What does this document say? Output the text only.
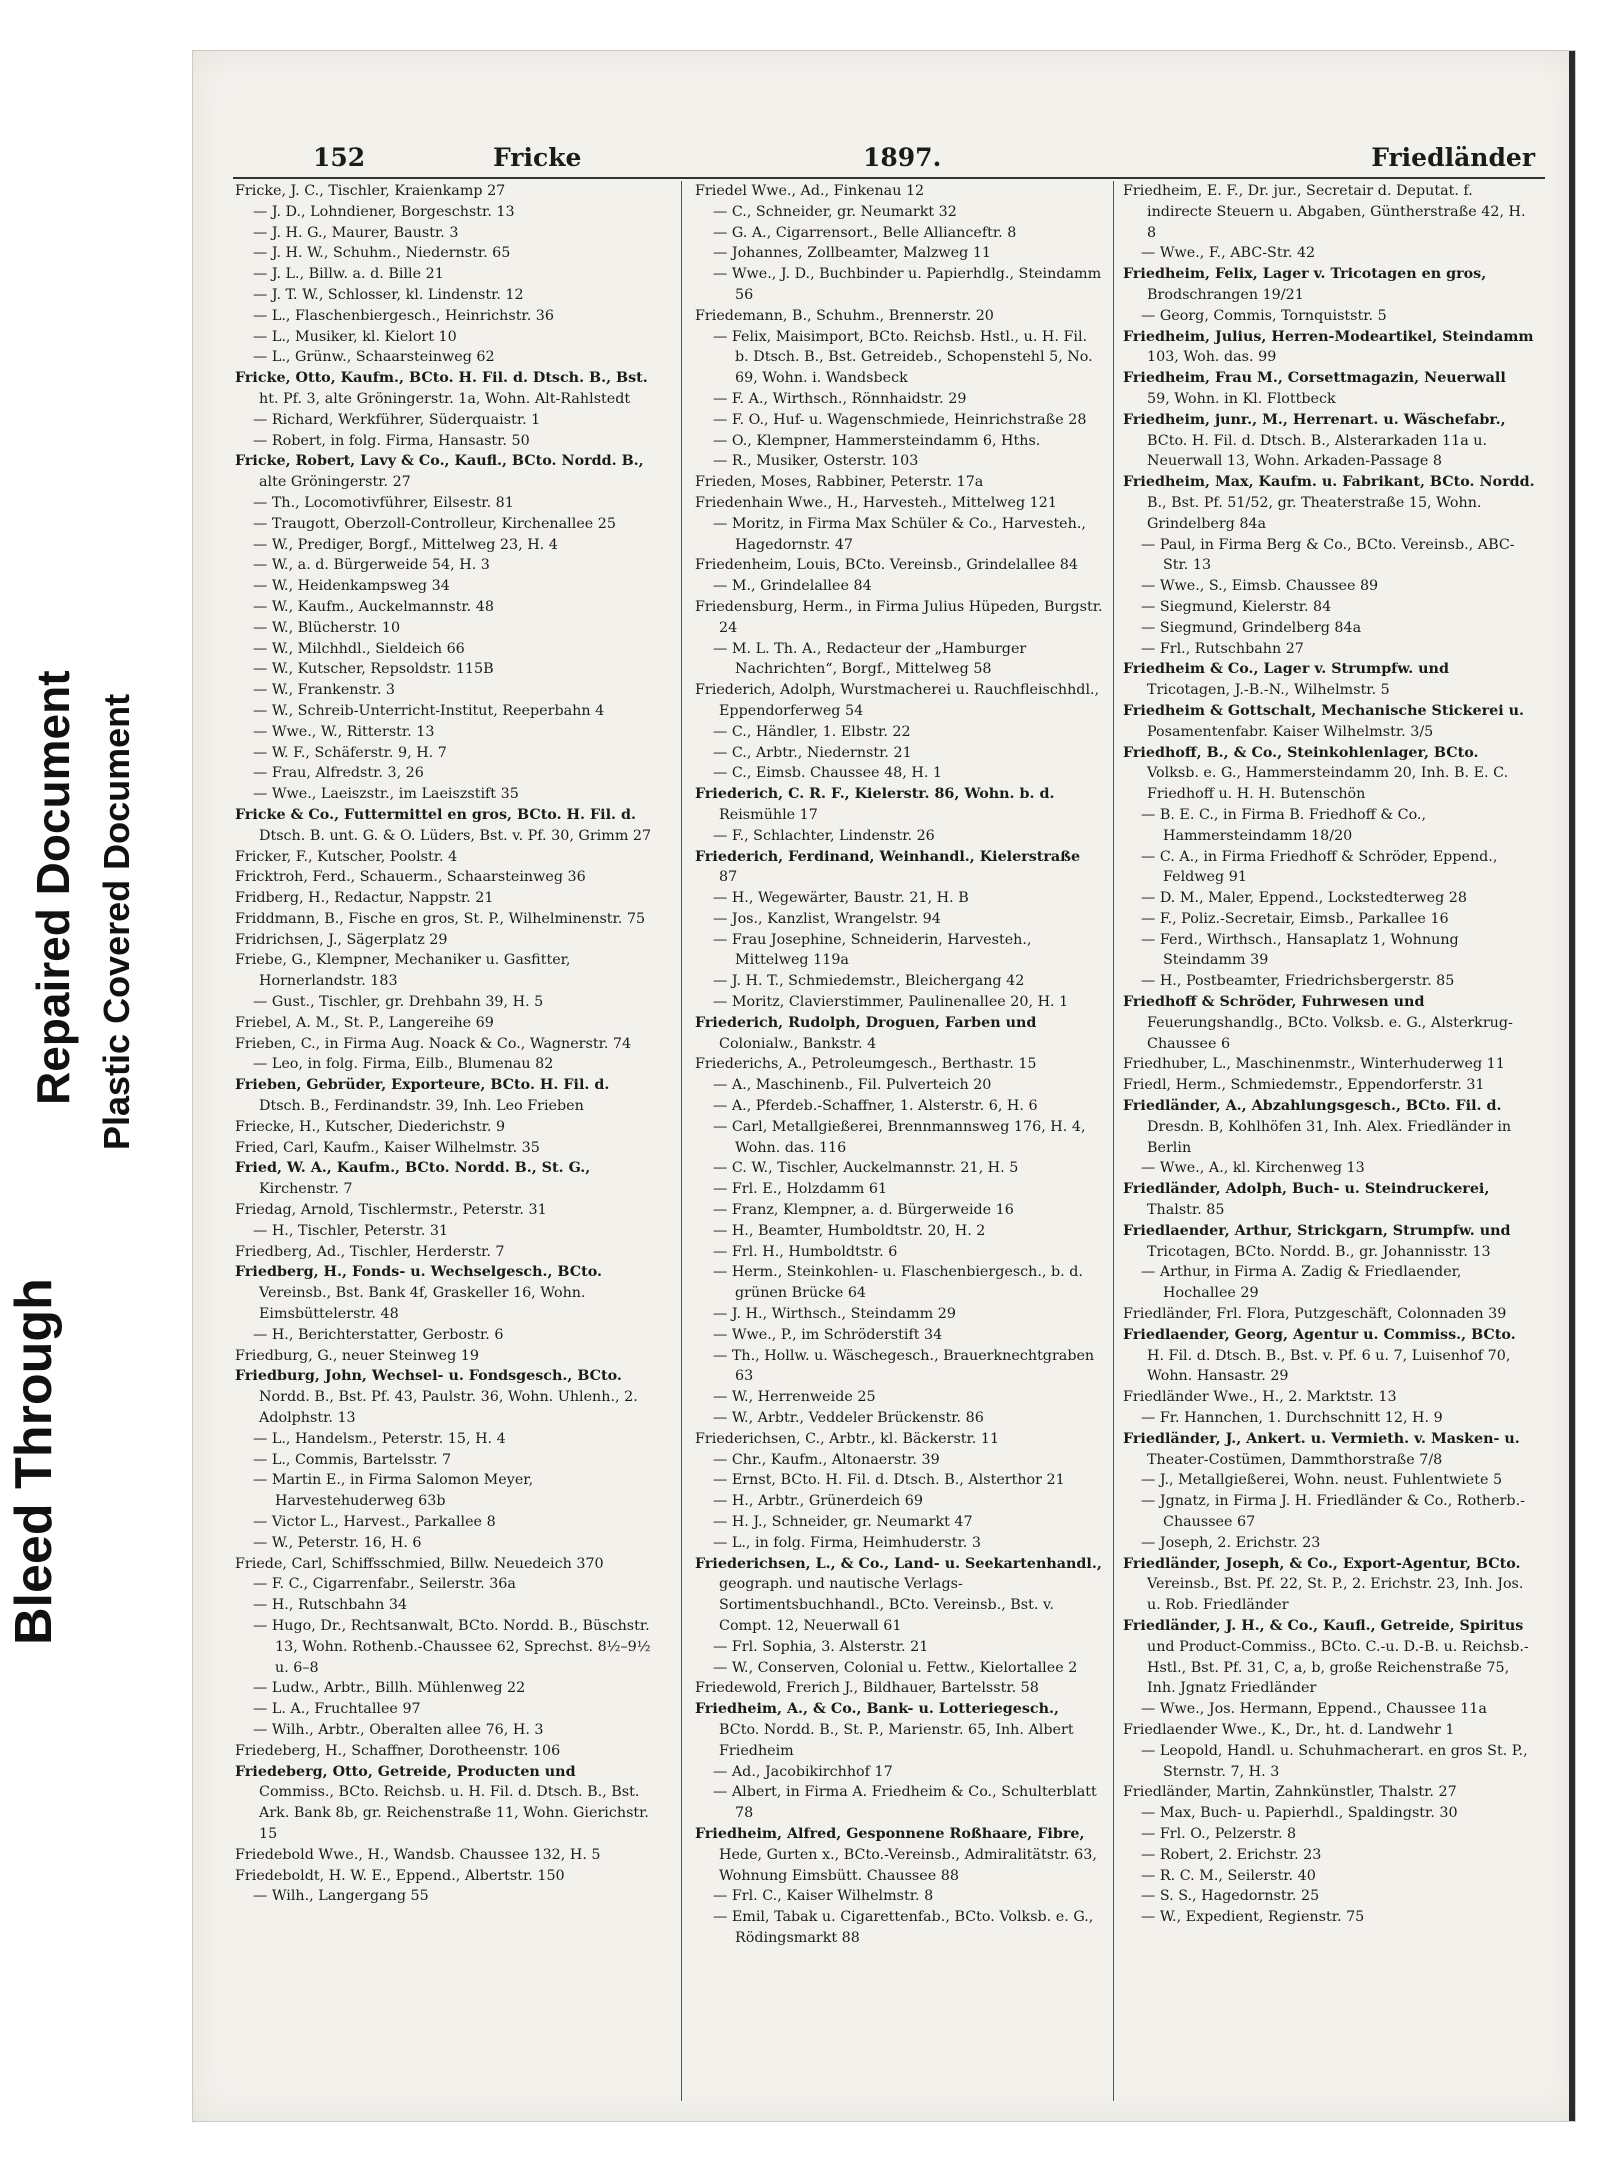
Bleed Through
Repaired Document Plastic Covered Document
152	Fricke	1897.	Friedländer

Fricke, J. C., Tischler, Kraienkamp 27

— J. D., Lohndiener, Borgeschstr. 13

— J. H. G., Maurer, Baustr. 3

— J. H. W., Schuhm., Niedernstr. 65

— J. L., Billw. a. d. Bille 21

— J. T. W., Schlosser, kl. Lindenstr. 12

— L., Flaschenbiergesch., Heinrichstr. 36

— L., Musiker, kl. Kielort 10

— L., Grünw., Schaarsteinweg 62

Fricke, Otto, Kaufm., BCto. H. Fil. d. Dtsch. B., Bst. ht. Pf. 3, alte Gröningerstr. 1a, Wohn. Alt-Rahlstedt

— Richard, Werkführer, Süderquaistr. 1

— Robert, in folg. Firma, Hansastr. 50

Fricke, Robert, Lavy & Co., Kaufl., BCto. Nordd. B., alte Gröningerstr. 27

— Th., Locomotivführer, Eilsestr. 81

— Traugott, Oberzoll-Controlleur, Kirchenallee 25

— W., Prediger, Borgf., Mittelweg 23, H. 4

— W., a. d. Bürgerweide 54, H. 3

— W., Heidenkampsweg 34

— W., Kaufm., Auckelmannstr. 48

— W., Blücherstr. 10

— W., Milchhdl., Sieldeich 66

— W., Kutscher, Repsoldstr. 115B

— W., Frankenstr. 3

— W., Schreib-Unterricht-Institut, Reeperbahn 4

— Wwe., W., Ritterstr. 13

— W. F., Schäferstr. 9, H. 7

— Frau, Alfredstr. 3, 26

— Wwe., Laeiszstr., im Laeiszstift 35

Fricke & Co., Futtermittel en gros, BCto. H. Fil. d. Dtsch. B. unt. G. & O. Lüders, Bst. v. Pf. 30, Grimm 27

Fricker, F., Kutscher, Poolstr. 4

Fricktroh, Ferd., Schauerm., Schaarsteinweg 36

Fridberg, H., Redactur, Nappstr. 21

Friddmann, B., Fische en gros, St. P., Wilhelminenstr. 75

Fridrichsen, J., Sägerplatz 29

Friebe, G., Klempner, Mechaniker u. Gasfitter, Hornerlandstr. 183

— Gust., Tischler, gr. Drehbahn 39, H. 5

Friebel, A. M., St. P., Langereihe 69

Frieben, C., in Firma Aug. Noack & Co., Wagnerstr. 74

— Leo, in folg. Firma, Eilb., Blumenau 82

Frieben, Gebrüder, Exporteure, BCto. H. Fil. d. Dtsch. B., Ferdinandstr. 39, Inh. Leo Frieben

Friecke, H., Kutscher, Diederichstr. 9

Fried, Carl, Kaufm., Kaiser Wilhelmstr. 35

Fried, W. A., Kaufm., BCto. Nordd. B., St. G., Kirchenstr. 7

Friedag, Arnold, Tischlermstr., Peterstr. 31

— H., Tischler, Peterstr. 31

Friedberg, Ad., Tischler, Herderstr. 7

Friedberg, H., Fonds- u. Wechselgesch., BCto. Vereinsb., Bst. Bank 4f, Graskeller 16, Wohn. Eimsbüttelerstr. 48

— H., Berichterstatter, Gerbostr. 6

Friedburg, G., neuer Steinweg 19

Friedburg, John, Wechsel- u. Fondsgesch., BCto. Nordd. B., Bst. Pf. 43, Paulstr. 36, Wohn. Uhlenh., 2. Adolphstr. 13

— L., Handelsm., Peterstr. 15, H. 4

— L., Commis, Bartelsstr. 7

— Martin E., in Firma Salomon Meyer, Harvestehuderweg 63b

— Victor L., Harvest., Parkallee 8

— W., Peterstr. 16, H. 6

Friede, Carl, Schiffsschmied, Billw. Neuedeich 370

— F. C., Cigarrenfabr., Seilerstr. 36a

— H., Rutschbahn 34

— Hugo, Dr., Rechtsanwalt, BCto. Nordd. B., Büschstr. 13, Wohn. Rothenb.-Chaussee 62, Sprechst. 8½–9½ u. 6–8

— Ludw., Arbtr., Billh. Mühlenweg 22

— L. A., Fruchtallee 97

— Wilh., Arbtr., Oberalten allee 76, H. 3

Friedeberg, H., Schaffner, Dorotheenstr. 106

Friedeberg, Otto, Getreide, Producten und Commiss., BCto. Reichsb. u. H. Fil. d. Dtsch. B., Bst. Ark. Bank 8b, gr. Reichenstraße 11, Wohn. Gierichstr. 15

Friedebold Wwe., H., Wandsb. Chaussee 132, H. 5

Friedeboldt, H. W. E., Eppend., Albertstr. 150

— Wilh., Langergang 55

Friedel Wwe., Ad., Finkenau 12

— C., Schneider, gr. Neumarkt 32

— G. A., Cigarrensort., Belle Allianceftr. 8

— Johannes, Zollbeamter, Malzweg 11

— Wwe., J. D., Buchbinder u. Papierhdlg., Steindamm 56

Friedemann, B., Schuhm., Brennerstr. 20

— Felix, Maisimport, BCto. Reichsb. Hstl., u. H. Fil. b. Dtsch. B., Bst. Getreideb., Schopenstehl 5, No. 69, Wohn. i. Wandsbeck

— F. A., Wirthsch., Rönnhaidstr. 29

— F. O., Huf- u. Wagenschmiede, Heinrichstraße 28

— O., Klempner, Hammersteindamm 6, Hths.

— R., Musiker, Osterstr. 103

Frieden, Moses, Rabbiner, Peterstr. 17a

Friedenhain Wwe., H., Harvesteh., Mittelweg 121

— Moritz, in Firma Max Schüler & Co., Harvesteh., Hagedornstr. 47

Friedenheim, Louis, BCto. Vereinsb., Grindelallee 84

— M., Grindelallee 84

Friedensburg, Herm., in Firma Julius Hüpeden, Burgstr. 24

— M. L. Th. A., Redacteur der „Hamburger Nachrichten“, Borgf., Mittelweg 58

Friederich, Adolph, Wurstmacherei u. Rauchfleischhdl., Eppendorferweg 54

— C., Händler, 1. Elbstr. 22

— C., Arbtr., Niedernstr. 21

— C., Eimsb. Chaussee 48, H. 1

Friederich, C. R. F., Kielerstr. 86, Wohn. b. d. Reismühle 17

— F., Schlachter, Lindenstr. 26

Friederich, Ferdinand, Weinhandl., Kielerstraße 87

— H., Wegewärter, Baustr. 21, H. B

— Jos., Kanzlist, Wrangelstr. 94

— Frau Josephine, Schneiderin, Harvesteh., Mittelweg 119a

— J. H. T., Schmiedemstr., Bleichergang 42

— Moritz, Clavierstimmer, Paulinenallee 20, H. 1

Friederich, Rudolph, Droguen, Farben und Colonialw., Bankstr. 4

Friederichs, A., Petroleumgesch., Berthastr. 15

— A., Maschinenb., Fil. Pulverteich 20

— A., Pferdeb.-Schaffner, 1. Alsterstr. 6, H. 6

— Carl, Metallgießerei, Brennmannsweg 176, H. 4, Wohn. das. 116

— C. W., Tischler, Auckelmannstr. 21, H. 5

— Frl. E., Holzdamm 61

— Franz, Klempner, a. d. Bürgerweide 16

— H., Beamter, Humboldtstr. 20, H. 2

— Frl. H., Humboldtstr. 6

— Herm., Steinkohlen- u. Flaschenbiergesch., b. d. grünen Brücke 64

— J. H., Wirthsch., Steindamm 29

— Wwe., P., im Schröderstift 34

— Th., Hollw. u. Wäschegesch., Brauerknechtgraben 63

— W., Herrenweide 25

— W., Arbtr., Veddeler Brückenstr. 86

Friederichsen, C., Arbtr., kl. Bäckerstr. 11

— Chr., Kaufm., Altonaerstr. 39

— Ernst, BCto. H. Fil. d. Dtsch. B., Alsterthor 21

— H., Arbtr., Grünerdeich 69

— H. J., Schneider, gr. Neumarkt 47

— L., in folg. Firma, Heimhuderstr. 3

Friederichsen, L., & Co., Land- u. Seekartenhandl., geograph. und nautische Verlags-Sortimentsbuchhandl., BCto. Vereinsb., Bst. v. Compt. 12, Neuerwall 61

— Frl. Sophia, 3. Alsterstr. 21

— W., Conserven, Colonial u. Fettw., Kielortallee 2

Friedewold, Frerich J., Bildhauer, Bartelsstr. 58

Friedheim, A., & Co., Bank- u. Lotteriegesch., BCto. Nordd. B., St. P., Marienstr. 65, Inh. Albert Friedheim

— Ad., Jacobikirchhof 17

— Albert, in Firma A. Friedheim & Co., Schulterblatt 78

Friedheim, Alfred, Gesponnene Roßhaare, Fibre, Hede, Gurten x., BCto.-Vereinsb., Admiralitätstr. 63, Wohnung Eimsbütt. Chaussee 88

— Frl. C., Kaiser Wilhelmstr. 8

— Emil, Tabak u. Cigarettenfab., BCto. Volksb. e. G., Rödingsmarkt 88

Friedheim, E. F., Dr. jur., Secretair d. Deputat. f. indirecte Steuern u. Abgaben, Güntherstraße 42, H. 8

— Wwe., F., ABC-Str. 42

Friedheim, Felix, Lager v. Tricotagen en gros, Brodschrangen 19/21

— Georg, Commis, Tornquiststr. 5

Friedheim, Julius, Herren-Modeartikel, Steindamm 103, Woh. das. 99

Friedheim, Frau M., Corsettmagazin, Neuerwall 59, Wohn. in Kl. Flottbeck

Friedheim, junr., M., Herrenart. u. Wäschefabr., BCto. H. Fil. d. Dtsch. B., Alsterarkaden 11a u. Neuerwall 13, Wohn. Arkaden-Passage 8

Friedheim, Max, Kaufm. u. Fabrikant, BCto. Nordd. B., Bst. Pf. 51/52, gr. Theaterstraße 15, Wohn. Grindelberg 84a

— Paul, in Firma Berg & Co., BCto. Vereinsb., ABC-Str. 13

— Wwe., S., Eimsb. Chaussee 89

— Siegmund, Kielerstr. 84

— Siegmund, Grindelberg 84a

— Frl., Rutschbahn 27

Friedheim & Co., Lager v. Strumpfw. und Tricotagen, J.-B.-N., Wilhelmstr. 5

Friedheim & Gottschalt, Mechanische Stickerei u. Posamentenfabr. Kaiser Wilhelmstr. 3/5

Friedhoff, B., & Co., Steinkohlenlager, BCto. Volksb. e. G., Hammersteindamm 20, Inh. B. E. C. Friedhoff u. H. H. Butenschön

— B. E. C., in Firma B. Friedhoff & Co., Hammersteindamm 18/20

— C. A., in Firma Friedhoff & Schröder, Eppend., Feldweg 91

— D. M., Maler, Eppend., Lockstedterweg 28

— F., Poliz.-Secretair, Eimsb., Parkallee 16

— Ferd., Wirthsch., Hansaplatz 1, Wohnung Steindamm 39

— H., Postbeamter, Friedrichsbergerstr. 85

Friedhoff & Schröder, Fuhrwesen und Feuerungshandlg., BCto. Volksb. e. G., Alsterkrug-Chaussee 6

Friedhuber, L., Maschinenmstr., Winterhuderweg 11

Friedl, Herm., Schmiedemstr., Eppendorferstr. 31

Friedländer, A., Abzahlungsgesch., BCto. Fil. d. Dresdn. B, Kohlhöfen 31, Inh. Alex. Friedländer in Berlin

— Wwe., A., kl. Kirchenweg 13

Friedländer, Adolph, Buch- u. Steindruckerei, Thalstr. 85

Friedlaender, Arthur, Strickgarn, Strumpfw. und Tricotagen, BCto. Nordd. B., gr. Johannisstr. 13

— Arthur, in Firma A. Zadig & Friedlaender, Hochallee 29

Friedländer, Frl. Flora, Putzgeschäft, Colonnaden 39

Friedlaender, Georg, Agentur u. Commiss., BCto. H. Fil. d. Dtsch. B., Bst. v. Pf. 6 u. 7, Luisenhof 70, Wohn. Hansastr. 29

Friedländer Wwe., H., 2. Marktstr. 13

— Fr. Hannchen, 1. Durchschnitt 12, H. 9

Friedländer, J., Ankert. u. Vermieth. v. Masken- u. Theater-Costümen, Dammthorstraße 7/8

— J., Metallgießerei, Wohn. neust. Fuhlentwiete 5

— Jgnatz, in Firma J. H. Friedländer & Co., Rotherb.-Chaussee 67

— Joseph, 2. Erichstr. 23

Friedländer, Joseph, & Co., Export-Agentur, BCto. Vereinsb., Bst. Pf. 22, St. P., 2. Erichstr. 23, Inh. Jos. u. Rob. Friedländer

Friedländer, J. H., & Co., Kaufl., Getreide, Spiritus und Product-Commiss., BCto. C.-u. D.-B. u. Reichsb.-Hstl., Bst. Pf. 31, C, a, b, große Reichenstraße 75, Inh. Jgnatz Friedländer

— Wwe., Jos. Hermann, Eppend., Chaussee 11a

Friedlaender Wwe., K., Dr., ht. d. Landwehr 1

— Leopold, Handl. u. Schuhmacherart. en gros St. P., Sternstr. 7, H. 3

Friedländer, Martin, Zahnkünstler, Thalstr. 27

— Max, Buch- u. Papierhdl., Spaldingstr. 30

— Frl. O., Pelzerstr. 8

— Robert, 2. Erichstr. 23

— R. C. M., Seilerstr. 40

— S. S., Hagedornstr. 25

— W., Expedient, Regienstr. 75
